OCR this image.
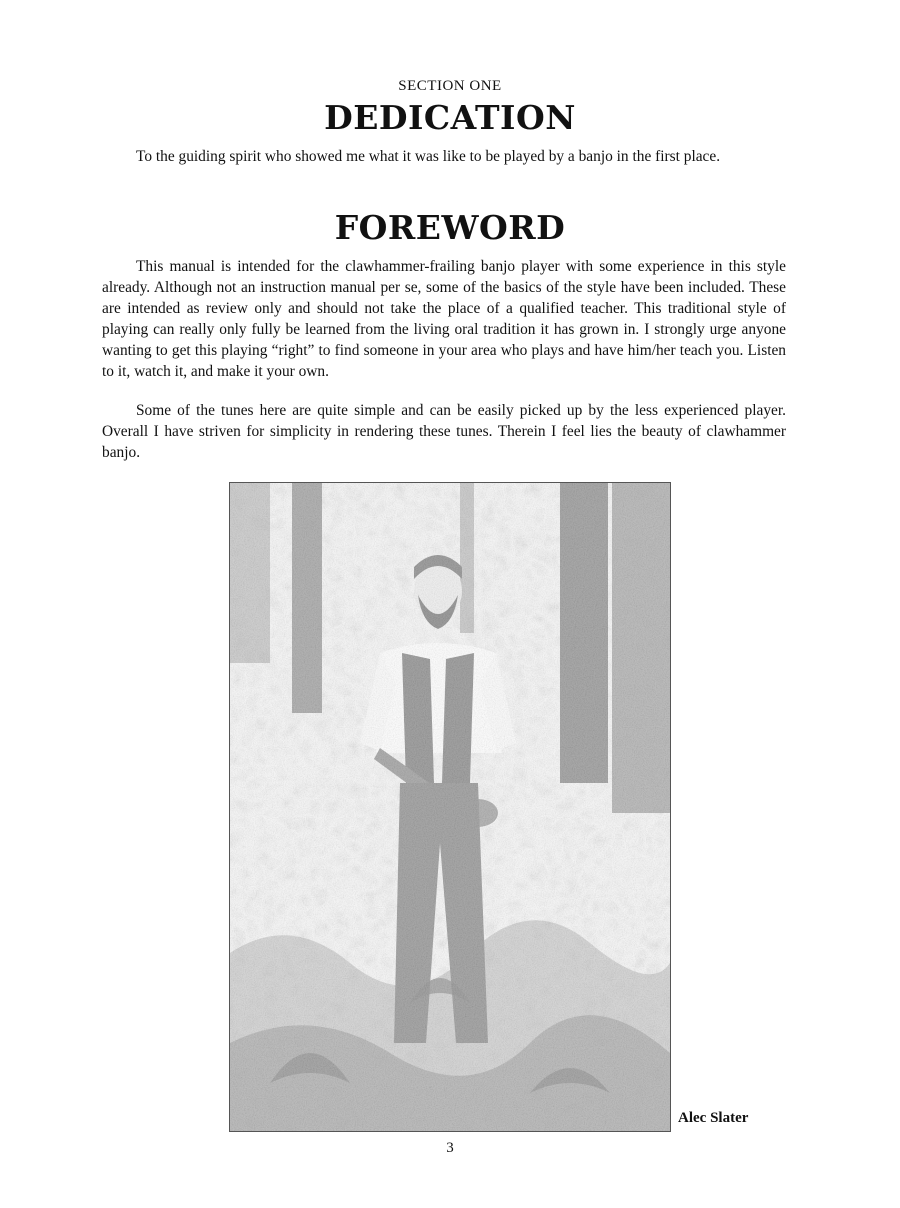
SECTION ONE
DEDICATION

To the guiding spirit who showed me what it was like to be played by a banjo in the first place.

FOREWORD

This manual is intended for the clawhammer-frailing banjo player with some experience in this style already. Although not an instruction manual per se, some of the basics of the style have been included. These are intended as review only and should not take the place of a qualified teacher. This traditional style of playing can really only fully be learned from the living oral tradition it has grown in. I strongly urge anyone wanting to get this playing “right” to find someone in your area who plays and have him/her teach you. Listen to it, watch it, and make it your own.

Some of the tunes here are quite simple and can be easily picked up by the less experienced player. Overall I have striven for simplicity in rendering these tunes. Therein I feel lies the beauty of clawhammer banjo.

Alec Slater
3
